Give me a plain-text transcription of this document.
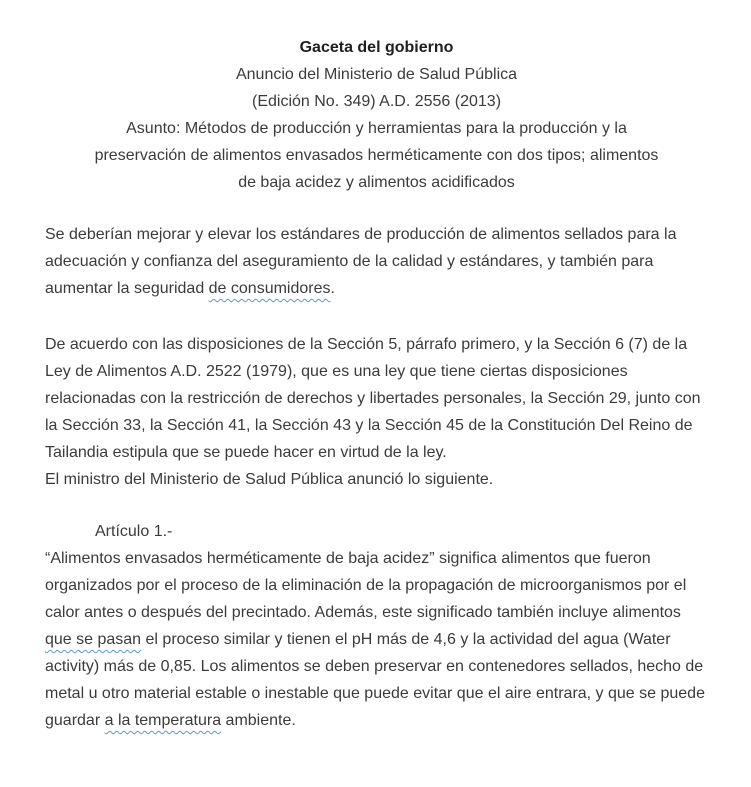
Gaceta del gobierno
Anuncio del Ministerio de Salud Pública
(Edición No. 349) A.D. 2556 (2013)
Asunto: Métodos de producción y herramientas para la producción y la
preservación de alimentos envasados herméticamente con dos tipos; alimentos
de baja acidez y alimentos acidificados
Se deberían mejorar y elevar los estándares de producción de alimentos sellados para la adecuación y confianza del aseguramiento de la calidad y estándares, y también para aumentar la seguridad de consumidores.
De acuerdo con las disposiciones de la Sección 5, párrafo primero, y la Sección 6 (7) de la Ley de Alimentos A.D. 2522 (1979), que es una ley que tiene ciertas disposiciones relacionadas con la restricción de derechos y libertades personales, la Sección 29, junto con la Sección 33, la Sección 41, la Sección 43 y la Sección 45 de la Constitución Del Reino de Tailandia estipula que se puede hacer en virtud de la ley.
El ministro del Ministerio de Salud Pública anunció lo siguiente.
Artículo 1.-
“Alimentos envasados herméticamente de baja acidez” significa alimentos que fueron organizados por el proceso de la eliminación de la propagación de microorganismos por el calor antes o después del precintado. Además, este significado también incluye alimentos que se pasan el proceso similar y tienen el pH más de 4,6 y la actividad del agua (Water activity) más de 0,85. Los alimentos se deben preservar en contenedores sellados, hecho de metal u otro material estable o inestable que puede evitar que el aire entrara, y que se puede guardar a la temperatura ambiente.
